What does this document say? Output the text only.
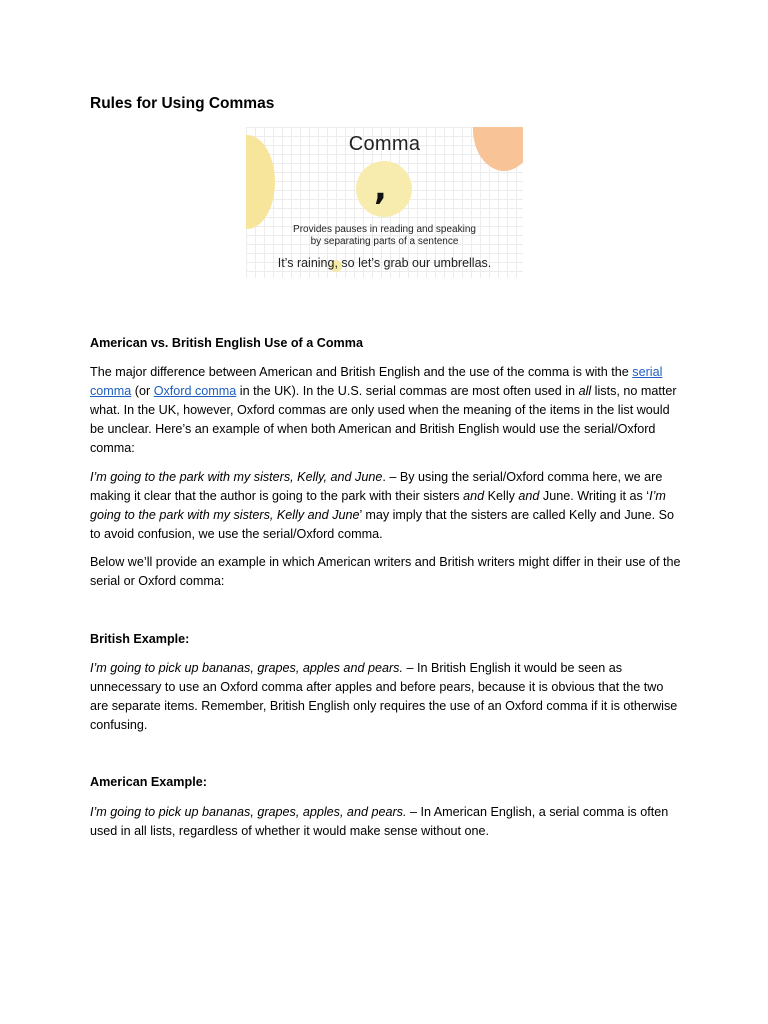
Rules for Using Commas
Comma
,
Provides pauses in reading and speaking
by separating parts of a sentence
It’s raining, so let’s grab our umbrellas.

American vs. British English Use of a Comma

The major difference between American and British English and the use of the comma is with the serial comma (or Oxford comma in the UK). In the U.S. serial commas are most often used in all lists, no matter what. In the UK, however, Oxford commas are only used when the meaning of the items in the list would be unclear. Here’s an example of when both American and British English would use the serial/Oxford comma:

I’m going to the park with my sisters, Kelly, and June. – By using the serial/Oxford comma here, we are making it clear that the author is going to the park with their sisters and Kelly and June. Writing it as ‘I’m going to the park with my sisters, Kelly and June’ may imply that the sisters are called Kelly and June. So to avoid confusion, we use the serial/Oxford comma.

Below we’ll provide an example in which American writers and British writers might differ in their use of the serial or Oxford comma:

British Example:

I’m going to pick up bananas, grapes, apples and pears. – In British English it would be seen as unnecessary to use an Oxford comma after apples and before pears, because it is obvious that the two are separate items. Remember, British English only requires the use of an Oxford comma if it is otherwise confusing.

American Example:

I’m going to pick up bananas, grapes, apples, and pears. – In American English, a serial comma is often used in all lists, regardless of whether it would make sense without one.
